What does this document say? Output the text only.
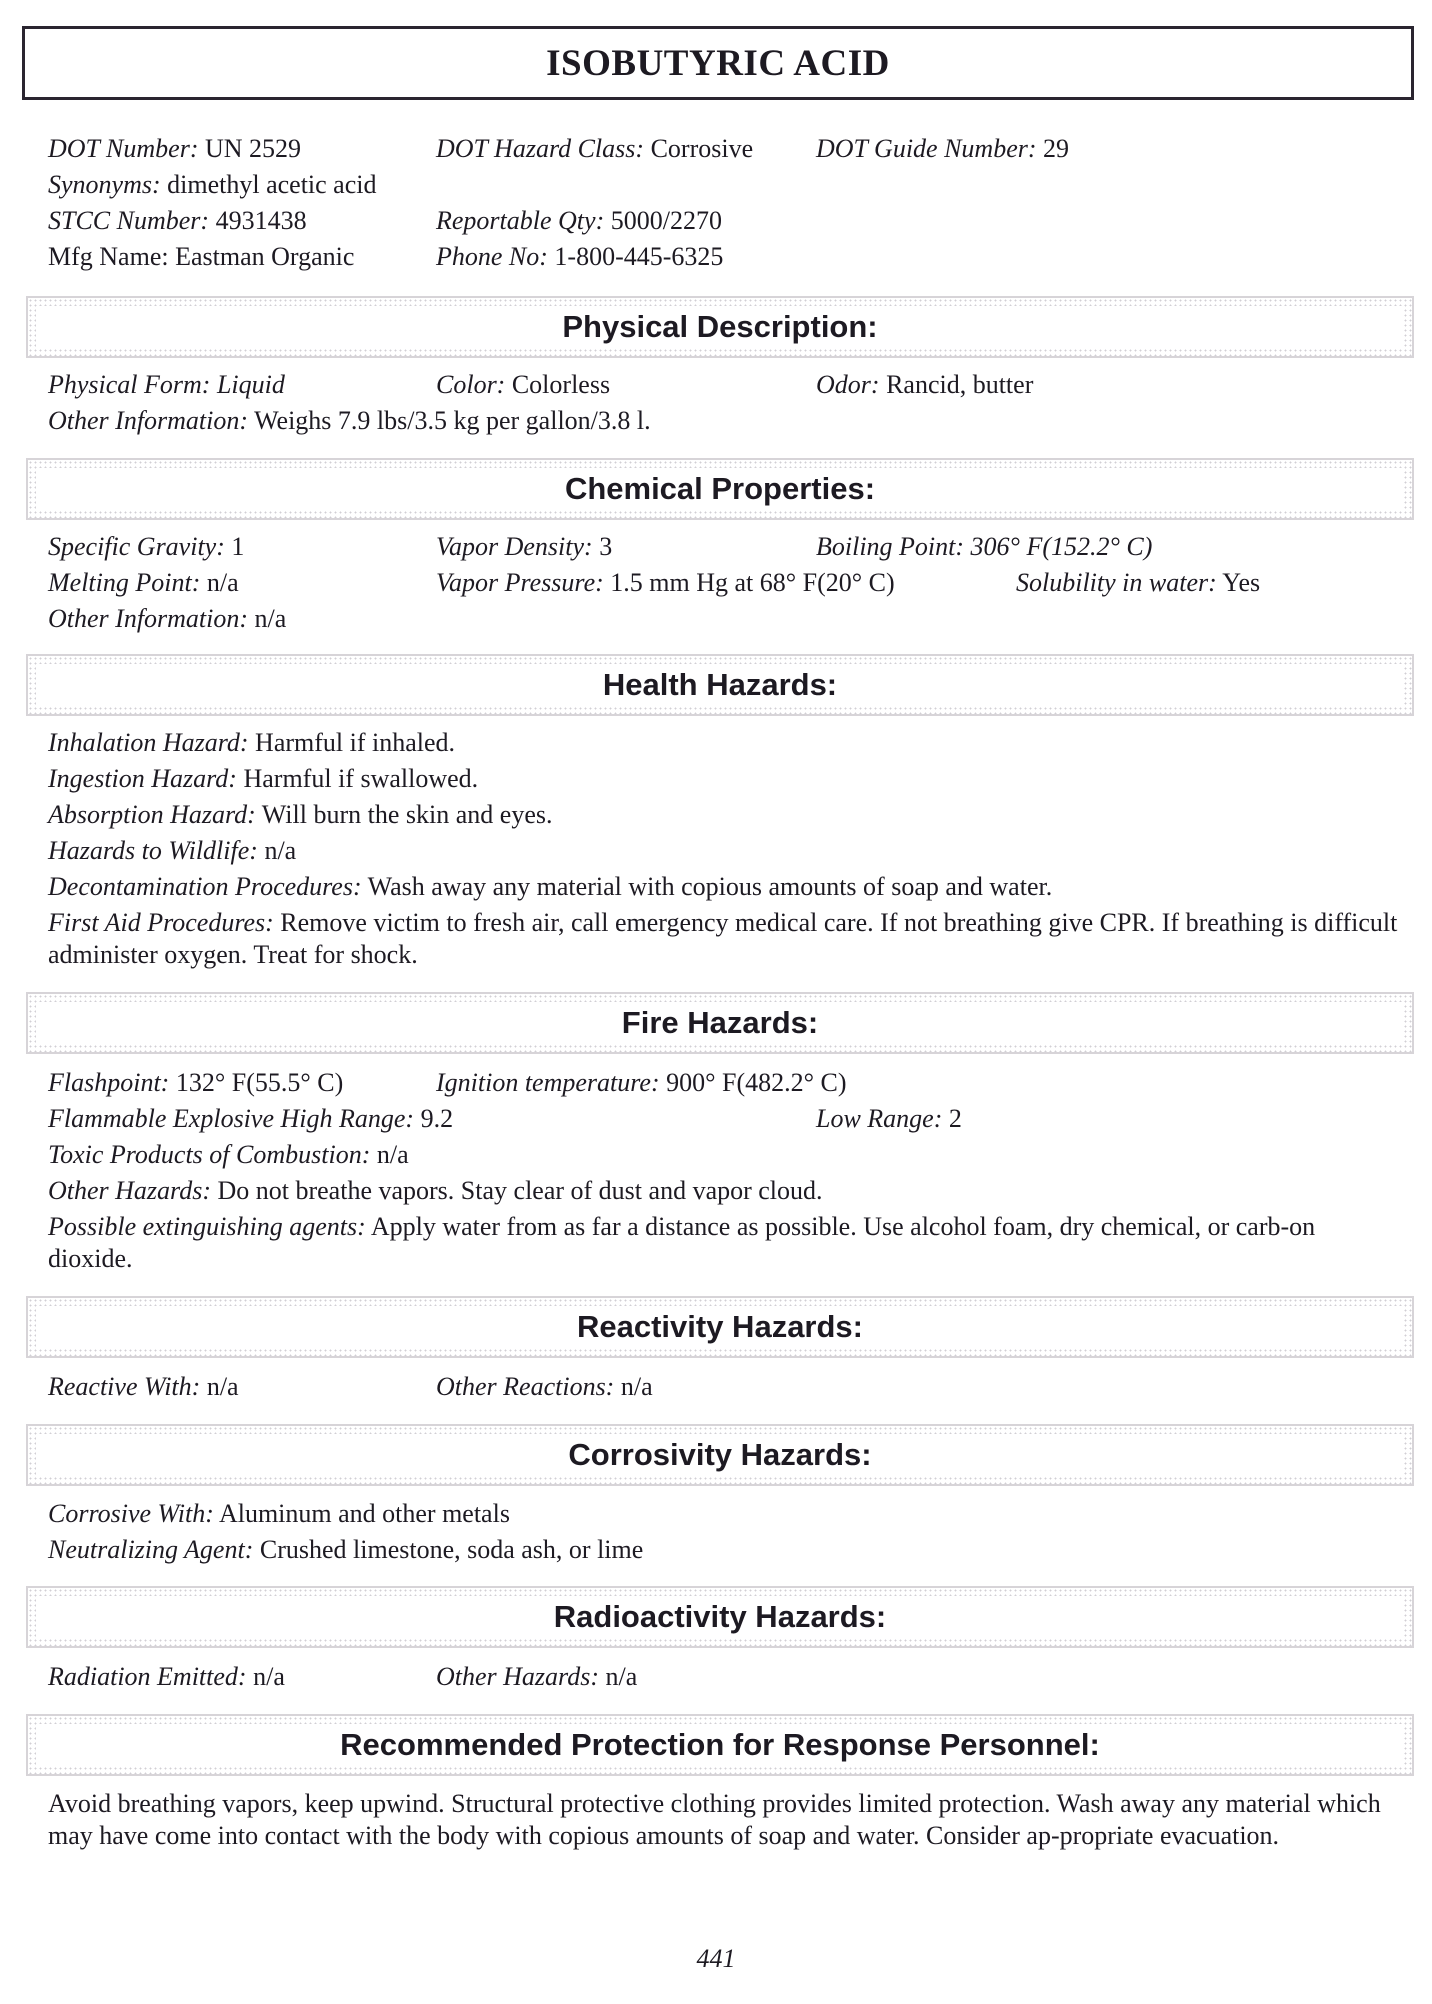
ISOBUTYRIC ACID
DOT Number: UN 2529	DOT Hazard Class: Corrosive DOT Guide Number: 29
Synonyms: dimethyl acetic acid
STCC Number: 4931438	Reportable Qty: 5000/2270
Mfg Name: Eastman Organic	Phone No: 1-800-445-6325
Physical Description:
Physical Form: Liquid	Color: Colorless	Odor: Rancid, butter
Other Information: Weighs 7.9 lbs/3.5 kg per gallon/3.8 l.
Chemical Properties:
Specific Gravity: 1	Vapor Density: 3	Boiling Point: 306° F(152.2° C)
Melting Point: n/a	Vapor Pressure: 1.5 mm Hg at 68° F(20° C)	Solubility in water: Yes
Other Information: n/a
Health Hazards:
Inhalation Hazard: Harmful if inhaled.
Ingestion Hazard: Harmful if swallowed.
Absorption Hazard: Will burn the skin and eyes.
Hazards to Wildlife: n/a
Decontamination Procedures: Wash away any material with copious amounts of soap and water.
First Aid Procedures: Remove victim to fresh air, call emergency medical care. If not breathing give CPR. If breathing is difficult administer oxygen. Treat for shock.
Fire Hazards:
Flashpoint: 132° F(55.5° C)	Ignition temperature: 900° F(482.2° C)
Flammable Explosive High Range: 9.2	Low Range: 2
Toxic Products of Combustion: n/a
Other Hazards: Do not breathe vapors. Stay clear of dust and vapor cloud.
Possible extinguishing agents: Apply water from as far a distance as possible. Use alcohol foam, dry chemical, or carb-on dioxide.
Reactivity Hazards:
Reactive With: n/a	Other Reactions: n/a
Corrosivity Hazards:
Corrosive With: Aluminum and other metals
Neutralizing Agent: Crushed limestone, soda ash, or lime
Radioactivity Hazards:
Radiation Emitted: n/a	Other Hazards: n/a
Recommended Protection for Response Personnel:
Avoid breathing vapors, keep upwind. Structural protective clothing provides limited protection. Wash away any material which may have come into contact with the body with copious amounts of soap and water. Consider ap-propriate evacuation.
441
